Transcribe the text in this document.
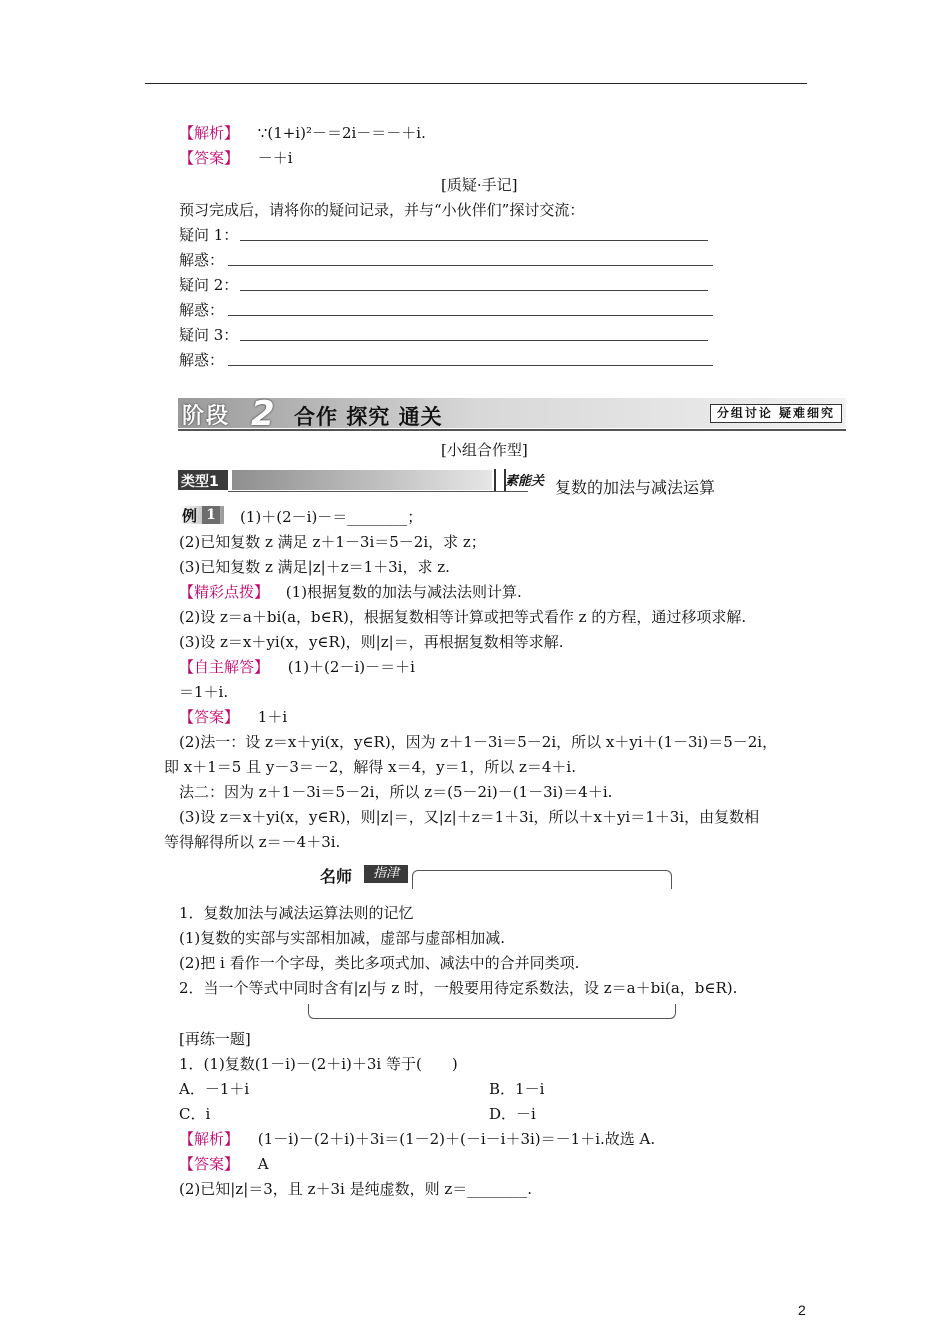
【解析】 ∵(1+i)²－＝2i－＝－＋i.
【答案】 －＋i
[质疑·手记]
预习完成后，请将你的疑问记录，并与“小伙伴们”探讨交流：
疑问 1：
解惑：
疑问 2：
解惑：
疑问 3：
解惑：
阶段 2 合作 探究 通关	分组讨论 疑难细究
[小组合作型]
类型1	素能关 复数的加法与减法运算
例 1 (1)＋(2－i)－＝________；
(2)已知复数 z 满足 z＋1－3i＝5－2i，求 z；
(3)已知复数 z 满足|z|＋z＝1＋3i，求 z.
【精彩点拨】 (1)根据复数的加法与减法法则计算.
(2)设 z＝a＋bi(a，b∈R)，根据复数相等计算或把等式看作 z 的方程，通过移项求解.
(3)设 z＝x＋yi(x，y∈R)，则|z|＝，再根据复数相等求解.
【自主解答】 (1)＋(2－i)－＝＋i
＝1＋i.
【答案】 1＋i
(2)法一：设 z＝x＋yi(x，y∈R)，因为 z＋1－3i＝5－2i，所以 x＋yi＋(1－3i)＝5－2i，
即 x＋1＝5 且 y－3＝－2，解得 x＝4，y＝1，所以 z＝4＋i.
法二：因为 z＋1－3i＝5－2i，所以 z＝(5－2i)－(1－3i)＝4＋i.
(3)设 z＝x＋yi(x，y∈R)，则|z|＝，又|z|＋z＝1＋3i，所以＋x＋yi＝1＋3i，由复数相
等得解得所以 z＝－4＋3i.
名师	指津
1．复数加法与减法运算法则的记忆
(1)复数的实部与实部相加减，虚部与虚部相加减.
(2)把 i 看作一个字母，类比多项式加、减法中的合并同类项.
2．当一个等式中同时含有|z|与 z 时，一般要用待定系数法，设 z＝a＋bi(a，b∈R).
[再练一题]
1．(1)复数(1－i)－(2＋i)＋3i 等于(　　)
A．－1＋i	B．1－i
C．i	D．－i
【解析】 (1－i)－(2＋i)＋3i＝(1－2)＋(－i－i＋3i)＝－1＋i.故选 A.
【答案】 A
(2)已知|z|＝3，且 z＋3i 是纯虚数，则 z＝________.
2
